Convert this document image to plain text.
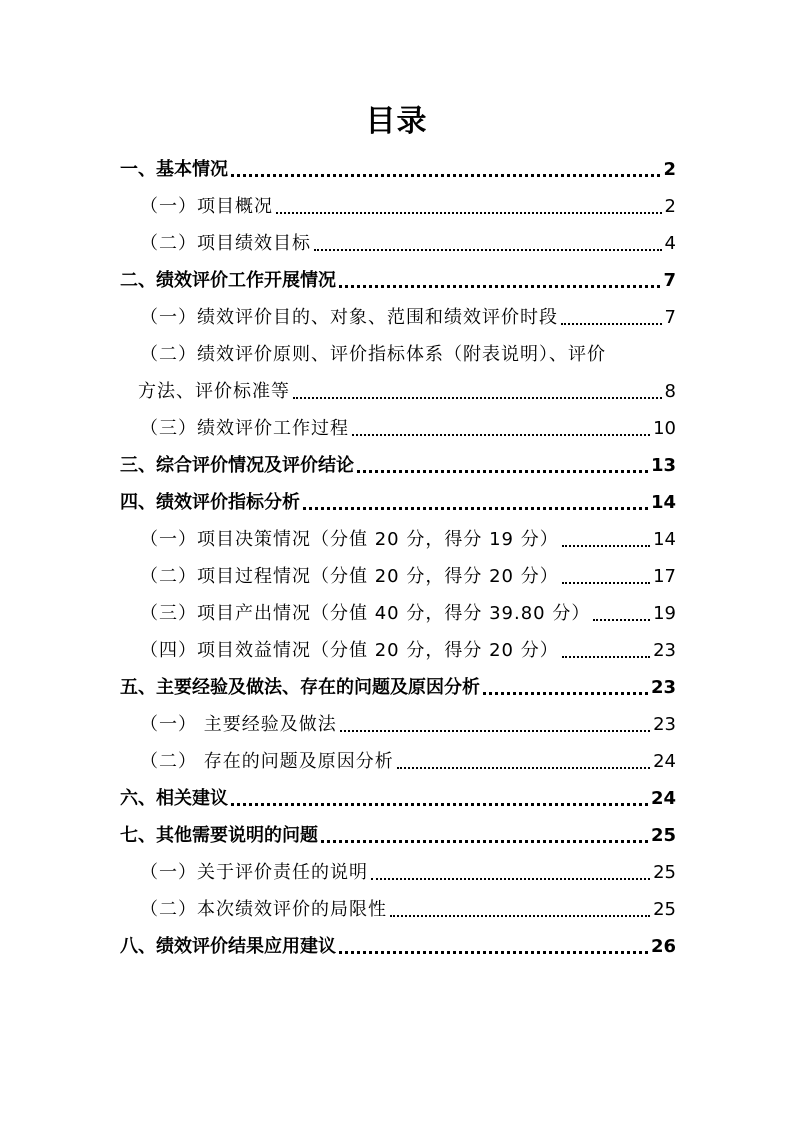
目录
一、基本情况	2
（一）项目概况	2
（二）项目绩效目标	4
二、绩效评价工作开展情况	7
（一）绩效评价目的、对象、范围和绩效评价时段	7
（二）绩效评价原则、评价指标体系（附表说明）、评价
方法、评价标准等	8
（三）绩效评价工作过程	10
三、综合评价情况及评价结论	13
四、绩效评价指标分析	14
（一）项目决策情况（分值 20 分，得分 19 分）	14
（二）项目过程情况（分值 20 分，得分 20 分）	17
（三）项目产出情况（分值 40 分，得分 39.80 分）	19
（四）项目效益情况（分值 20 分，得分 20 分）	23
五、主要经验及做法、存在的问题及原因分析	23
（一） 主要经验及做法	23
（二） 存在的问题及原因分析	24
六、相关建议	24
七、其他需要说明的问题	25
（一）关于评价责任的说明	25
（二）本次绩效评价的局限性	25
八、绩效评价结果应用建议	26
